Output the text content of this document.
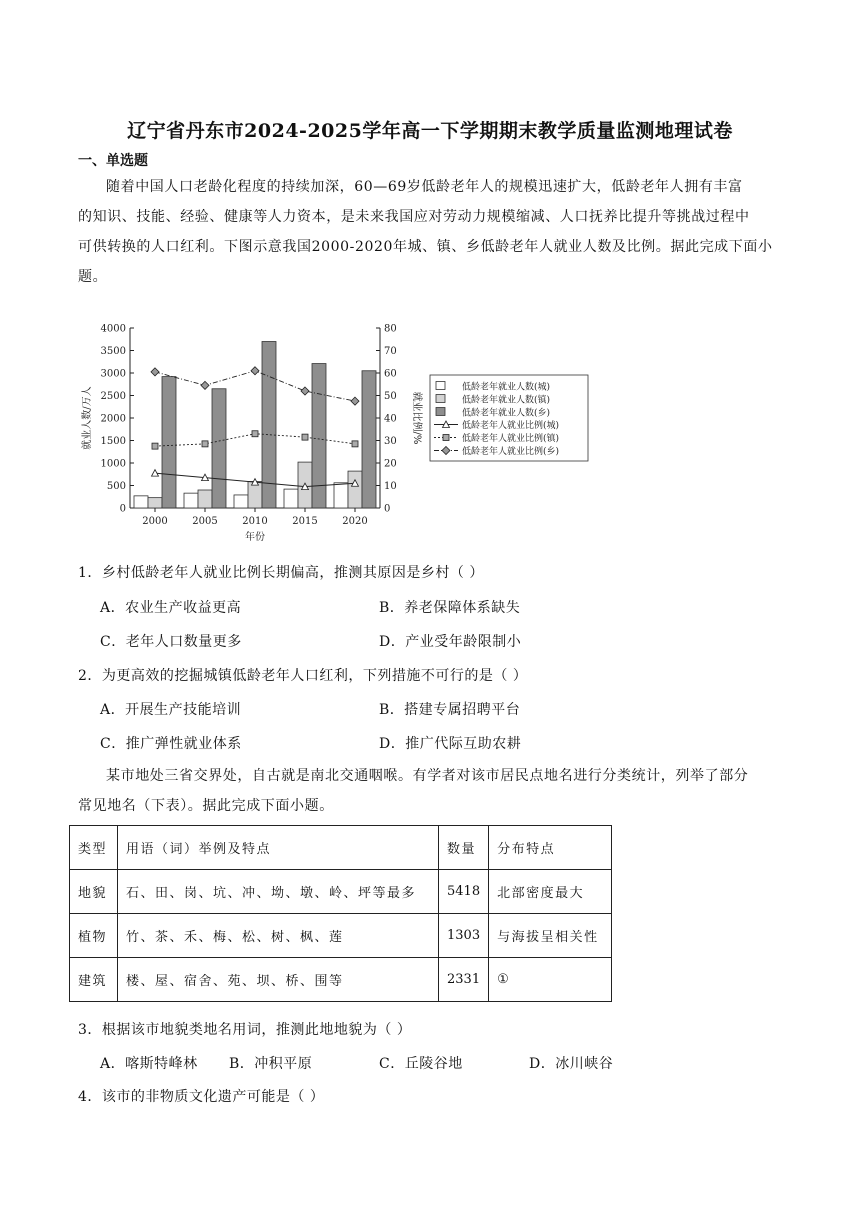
辽宁省丹东市2024-2025学年高一下学期期末教学质量监测地理试卷
一、单选题
随着中国人口老龄化程度的持续加深，60—69岁低龄老年人的规模迅速扩大，低龄老年人拥有丰富
的知识、技能、经验、健康等人力资本，是未来我国应对劳动力规模缩减、人口抚养比提升等挑战过程中
可供转换的人口红利。下图示意我国2000-2020年城、镇、乡低龄老年人就业人数及比例。据此完成下面小
题。
0
500
1000
1500
2000
2500
3000
3500
4000
0
10
20
30
40
50
60
70
80
就业人数/万人	就业比例/%
2000 2005 2010 2015 2020
年份
低龄老年就业人数(城)
低龄老年就业人数(镇)
低龄老年就业人数(乡)
低龄老年人就业比例(城)
低龄老年人就业比例(镇)
低龄老年人就业比例(乡)
1．乡村低龄老年人就业比例长期偏高，推测其原因是乡村（ ）
A．农业生产收益更高	B．养老保障体系缺失
C．老年人口数量更多	D．产业受年龄限制小
2．为更高效的挖掘城镇低龄老年人口红利，下列措施不可行的是（ ）
A．开展生产技能培训	B．搭建专属招聘平台
C．推广弹性就业体系	D．推广代际互助农耕
某市地处三省交界处，自古就是南北交通咽喉。有学者对该市居民点地名进行分类统计，列举了部分
常见地名（下表）。据此完成下面小题。
类型	用语（词）举例及特点	数量	分布特点
地貌	石、田、岗、坑、冲、坳、墩、岭、坪等最多	5418	北部密度最大
植物	竹、茶、禾、梅、松、树、枫、莲	1303	与海拔呈相关性
建筑	楼、屋、宿舍、苑、坝、桥、围等	2331	①
3．根据该市地貌类地名用词，推测此地地貌为（ ）
A．喀斯特峰林 B．冲积平原	C．丘陵谷地	D．冰川峡谷
4．该市的非物质文化遗产可能是（ ）
